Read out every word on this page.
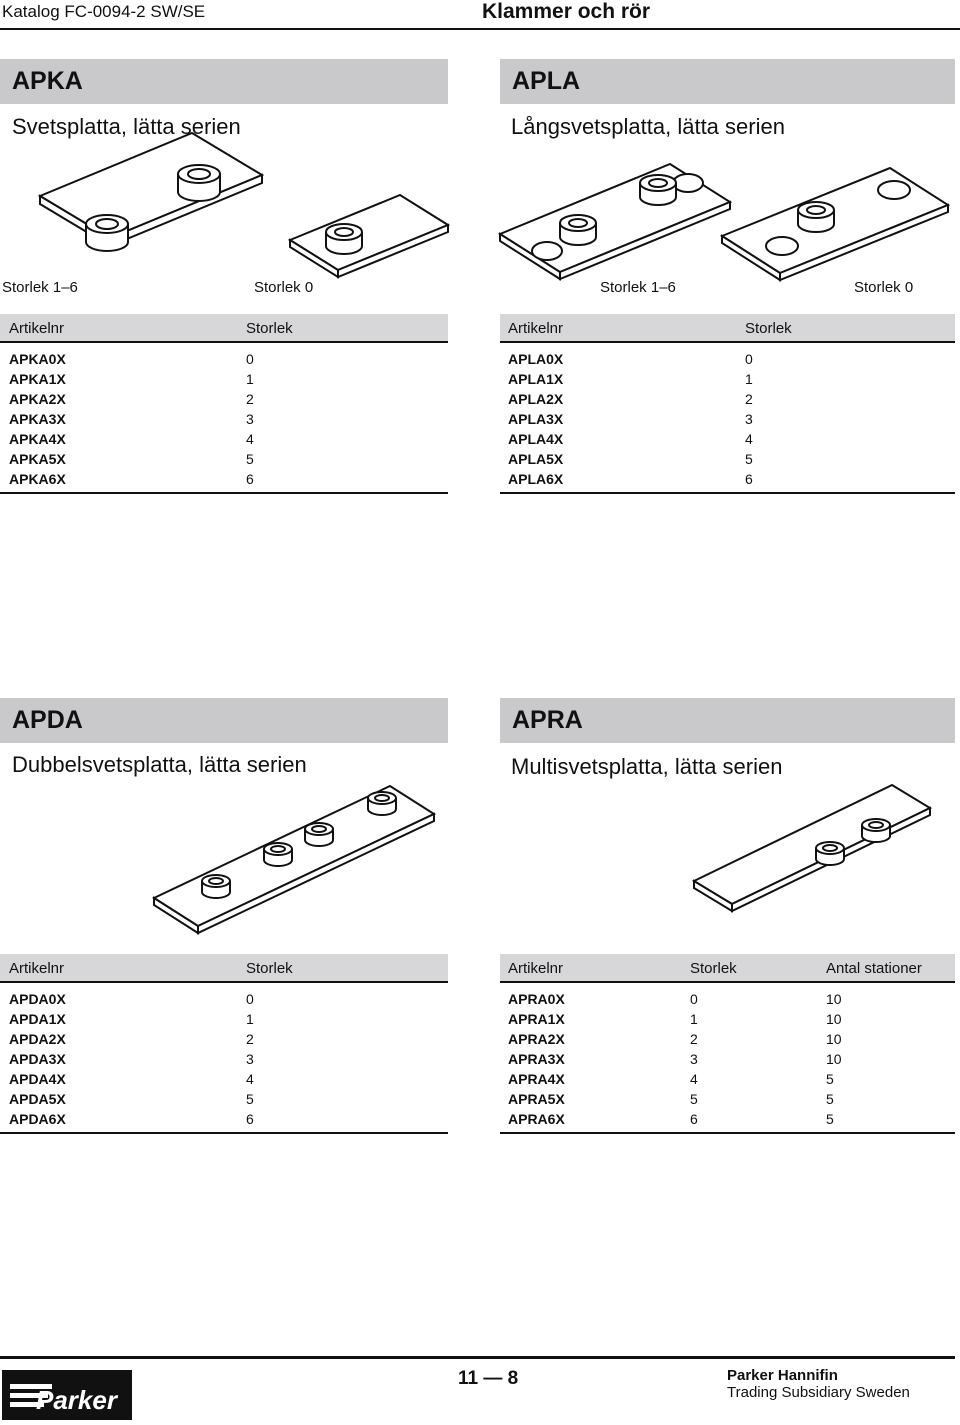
Katalog FC-0094-2 SW/SE	Klammer och rör
APKA
Svetsplatta, lätta serien
Storlek 1–6	Storlek 0
Artikelnr	Storlek
APKA0X	0
APKA1X	1
APKA2X	2
APKA3X	3
APKA4X	4
APKA5X	5
APKA6X	6
APLA
Långsvetsplatta, lätta serien
Storlek 1–6	Storlek 0
Artikelnr	Storlek
APLA0X	0
APLA1X	1
APLA2X	2
APLA3X	3
APLA4X	4
APLA5X	5
APLA6X	6
APDA
Dubbelsvetsplatta, lätta serien
Artikelnr	Storlek
APDA0X	0
APDA1X	1
APDA2X	2
APDA3X	3
APDA4X	4
APDA5X	5
APDA6X	6
APRA
Multisvetsplatta, lätta serien
Artikelnr	Storlek	Antal stationer
APRA0X	0	10
APRA1X	1	10
APRA2X	2	10
APRA3X	3	10
APRA4X	4	5
APRA5X	5	5
APRA6X	6	5
Parker
11 — 8	Parker Hannifin
Trading Subsidiary Sweden
